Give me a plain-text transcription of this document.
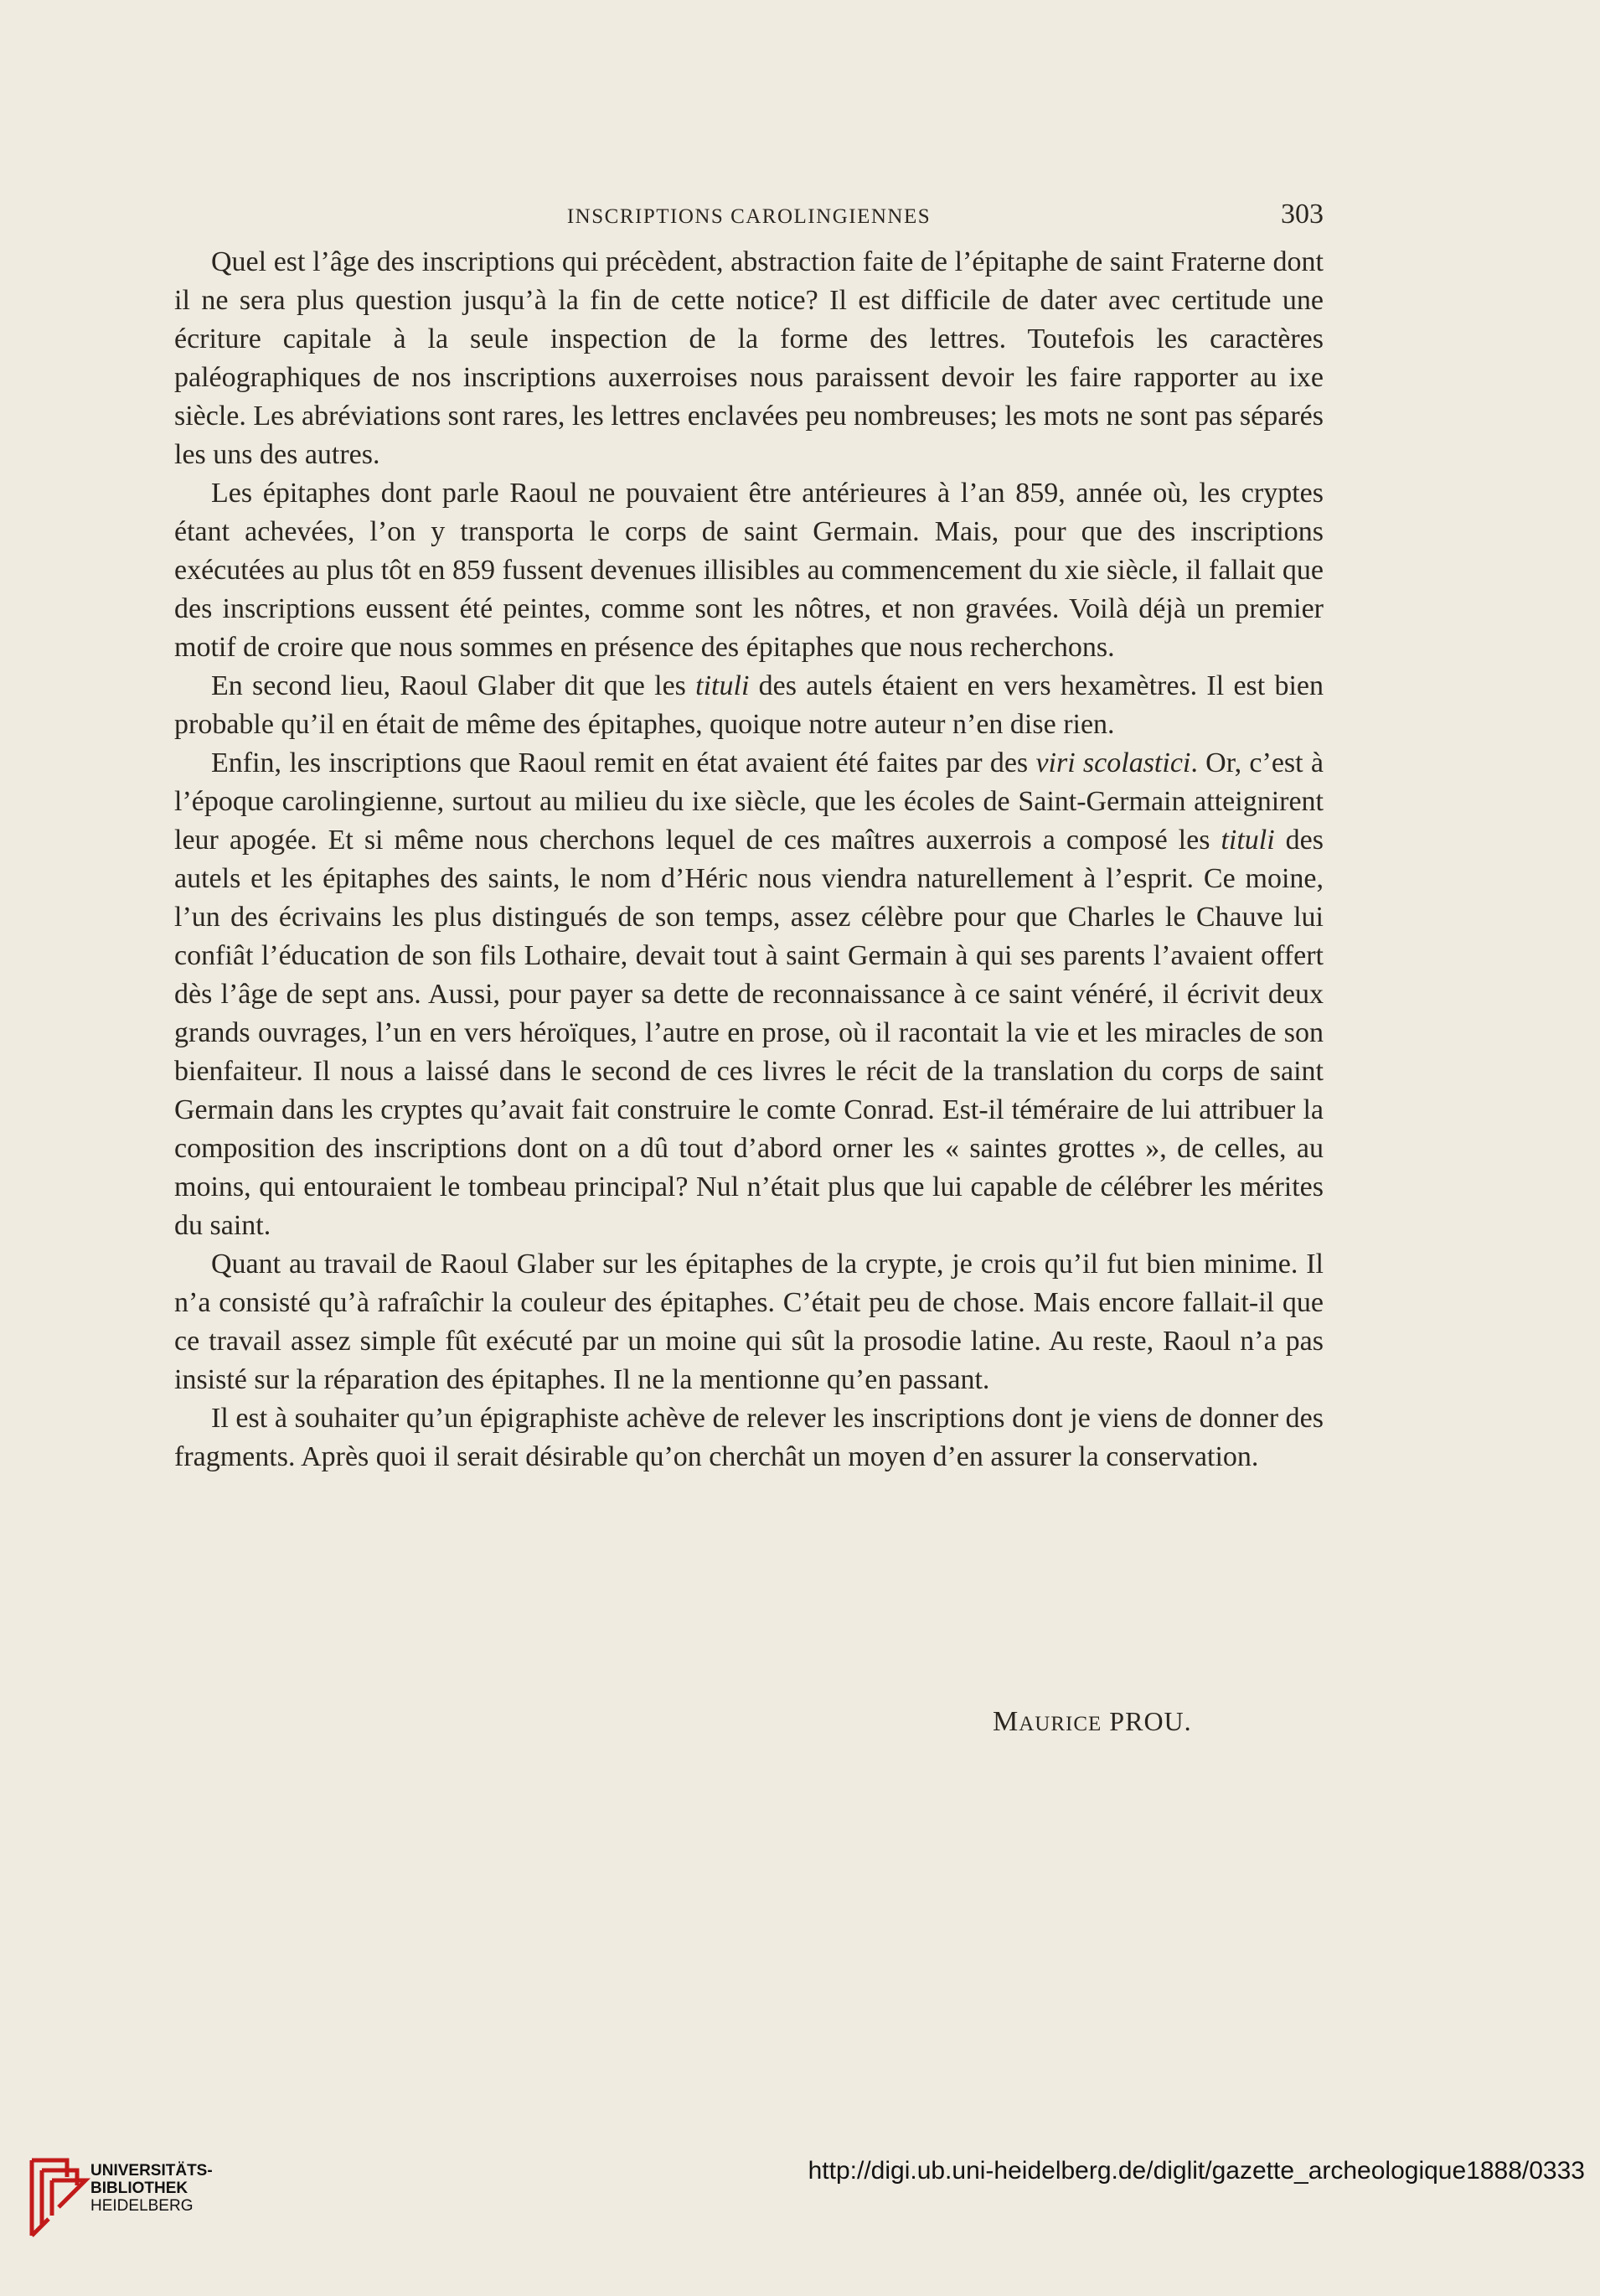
INSCRIPTIONS CAROLINGIENNES	303

Quel est l’âge des inscriptions qui précèdent, abstraction faite de l’épitaphe de saint Fraterne dont il ne sera plus question jusqu’à la fin de cette notice? Il est difficile de dater avec certitude une écriture capitale à la seule inspection de la forme des lettres. Toutefois les caractères paléographiques de nos inscriptions auxerroises nous paraissent devoir les faire rapporter au ixe siècle. Les abréviations sont rares, les lettres enclavées peu nombreuses; les mots ne sont pas séparés les uns des autres.

Les épitaphes dont parle Raoul ne pouvaient être antérieures à l’an 859, année où, les cryptes étant achevées, l’on y transporta le corps de saint Germain. Mais, pour que des inscriptions exécutées au plus tôt en 859 fussent devenues illisibles au commencement du xie siècle, il fallait que des inscriptions eussent été peintes, comme sont les nôtres, et non gravées. Voilà déjà un premier motif de croire que nous sommes en présence des épitaphes que nous recherchons.

En second lieu, Raoul Glaber dit que les tituli des autels étaient en vers hexamètres. Il est bien probable qu’il en était de même des épitaphes, quoique notre auteur n’en dise rien.

Enfin, les inscriptions que Raoul remit en état avaient été faites par des viri scolastici. Or, c’est à l’époque carolingienne, surtout au milieu du ixe siècle, que les écoles de Saint-Germain atteignirent leur apogée. Et si même nous cherchons lequel de ces maîtres auxerrois a composé les tituli des autels et les épitaphes des saints, le nom d’Héric nous viendra naturellement à l’esprit. Ce moine, l’un des écrivains les plus distingués de son temps, assez célèbre pour que Charles le Chauve lui confiât l’éducation de son fils Lothaire, devait tout à saint Germain à qui ses parents l’avaient offert dès l’âge de sept ans. Aussi, pour payer sa dette de reconnaissance à ce saint vénéré, il écrivit deux grands ouvrages, l’un en vers héroïques, l’autre en prose, où il racontait la vie et les miracles de son bienfaiteur. Il nous a laissé dans le second de ces livres le récit de la translation du corps de saint Germain dans les cryptes qu’avait fait construire le comte Conrad. Est-il téméraire de lui attribuer la composition des inscriptions dont on a dû tout d’abord orner les « saintes grottes », de celles, au moins, qui entouraient le tombeau principal? Nul n’était plus que lui capable de célébrer les mérites du saint.

Quant au travail de Raoul Glaber sur les épitaphes de la crypte, je crois qu’il fut bien minime. Il n’a consisté qu’à rafraîchir la couleur des épitaphes. C’était peu de chose. Mais encore fallait-il que ce travail assez simple fût exécuté par un moine qui sût la prosodie latine. Au reste, Raoul n’a pas insisté sur la réparation des épitaphes. Il ne la mentionne qu’en passant.

Il est à souhaiter qu’un épigraphiste achève de relever les inscriptions dont je viens de donner des fragments. Après quoi il serait désirable qu’on cherchât un moyen d’en assurer la conservation.

MAURICE PROU.
UNIVERSITÄTS-
BIBLIOTHEK
HEIDELBERG
http://digi.ub.uni-heidelberg.de/diglit/gazette_archeologique1888/0333
